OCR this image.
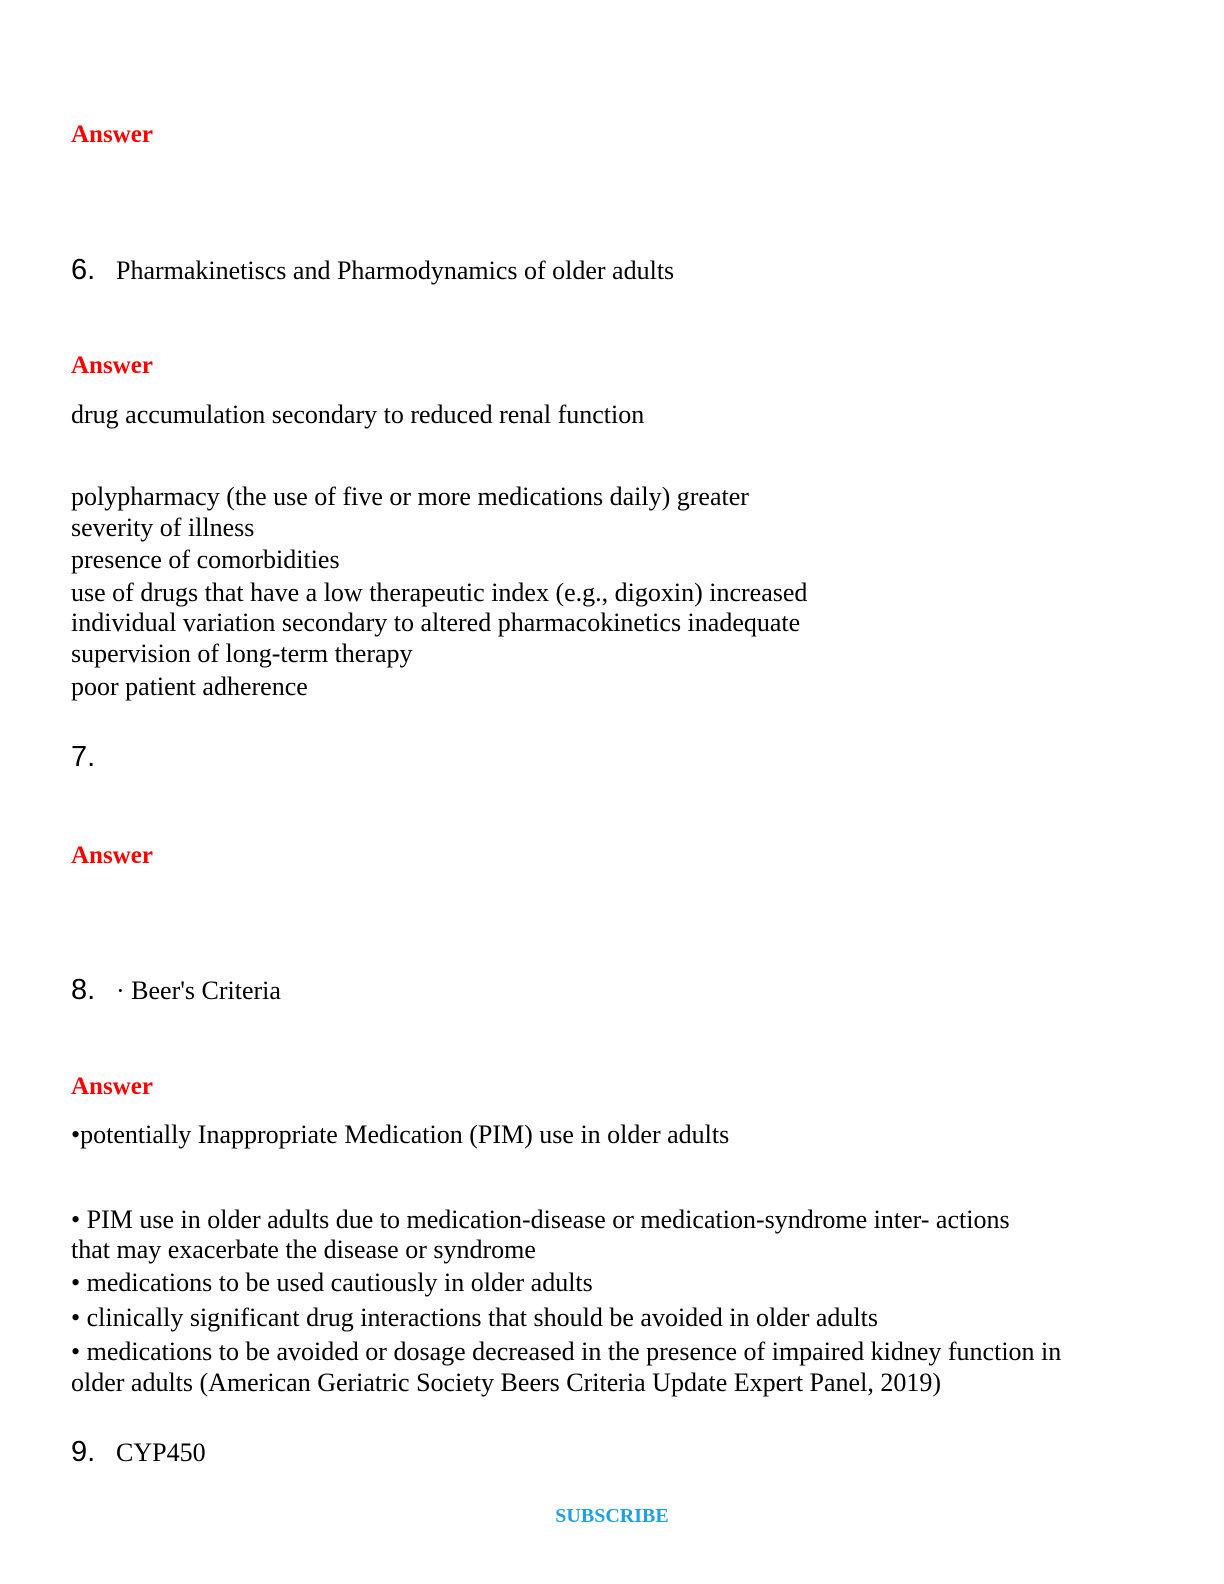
Answer
6. Pharmakinetiscs and Pharmodynamics of older adults
Answer
drug accumulation secondary to reduced renal function
polypharmacy (the use of five or more medications daily) greater
severity of illness
presence of comorbidities
use of drugs that have a low therapeutic index (e.g., digoxin) increased
individual variation secondary to altered pharmacokinetics inadequate
supervision of long-term therapy
poor patient adherence
7.
Answer
8. · Beer's Criteria
Answer
•potentially Inappropriate Medication (PIM) use in older adults
• PIM use in older adults due to medication-disease or medication-syndrome inter- actions
that may exacerbate the disease or syndrome
• medications to be used cautiously in older adults
• clinically significant drug interactions that should be avoided in older adults
• medications to be avoided or dosage decreased in the presence of impaired kidney function in
older adults (American Geriatric Society Beers Criteria Update Expert Panel, 2019)
9. CYP450
SUBSCRIBE
